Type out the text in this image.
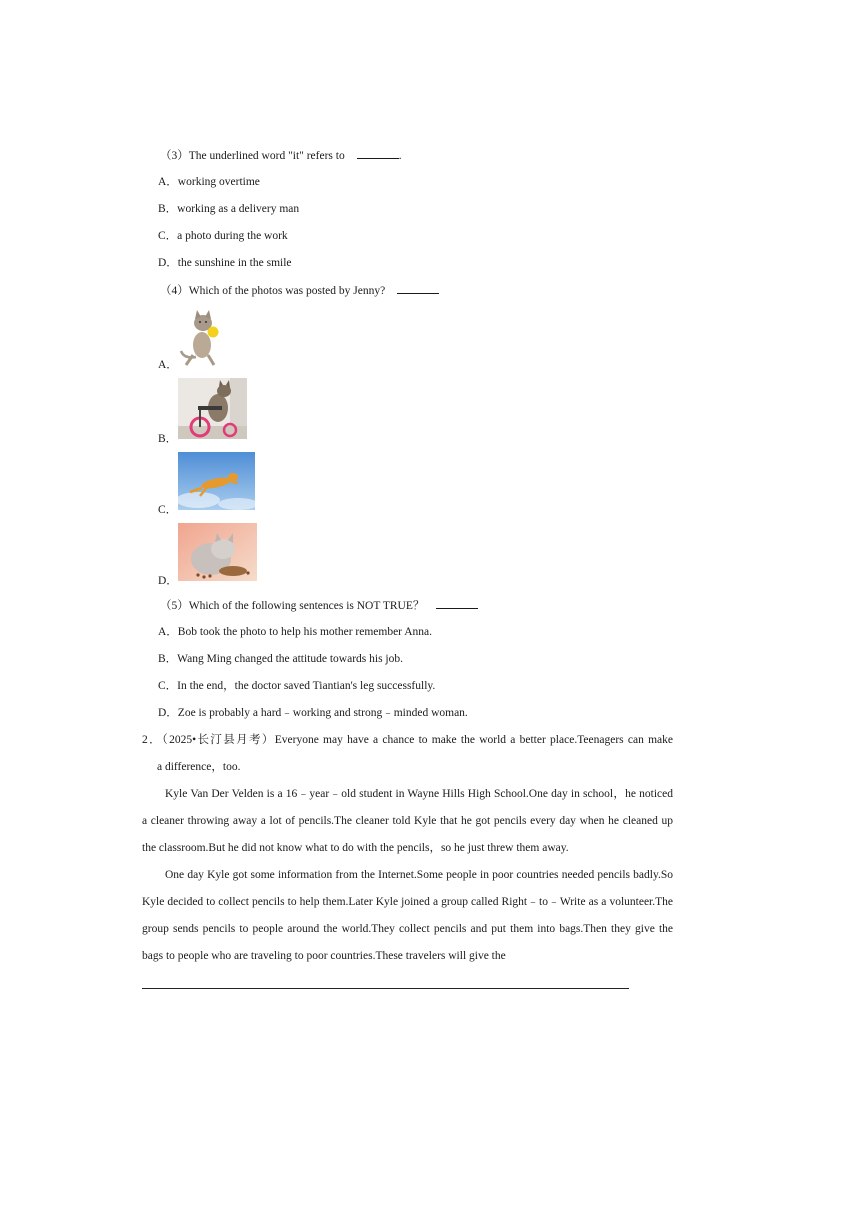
（3）The underlined word "it" refers to	.
A．working overtime
B．working as a delivery man
C．a photo during the work
D．the sunshine in the smile
（4）Which of the photos was posted by Jenny?
A．
B．
C．
D．
（5）Which of the following sentences is NOT TRUE？
A．Bob took the photo to help his mother remember Anna.
B．Wang Ming changed the attitude towards his job.
C．In the end，the doctor saved Tiantian's leg successfully.
D．Zoe is probably a hard﹣working and strong﹣minded woman.
2．（2025•长汀县月考）Everyone may have a chance to make the world a better place.Teenagers can make
a difference，too.
Kyle Van Der Velden is a 16﹣year﹣old student in Wayne Hills High School.One day in school，he noticed a cleaner throwing away a lot of pencils.The cleaner told Kyle that he got pencils every day when he cleaned up the classroom.But he did not know what to do with the pencils，so he just threw them away.
One day Kyle got some information from the Internet.Some people in poor countries needed pencils badly.So Kyle decided to collect pencils to help them.Later Kyle joined a group called Right﹣to﹣Write as a volunteer.The group sends pencils to people around the world.They collect pencils and put them into bags.Then they give the bags to people who are traveling to poor countries.These travelers will give the
